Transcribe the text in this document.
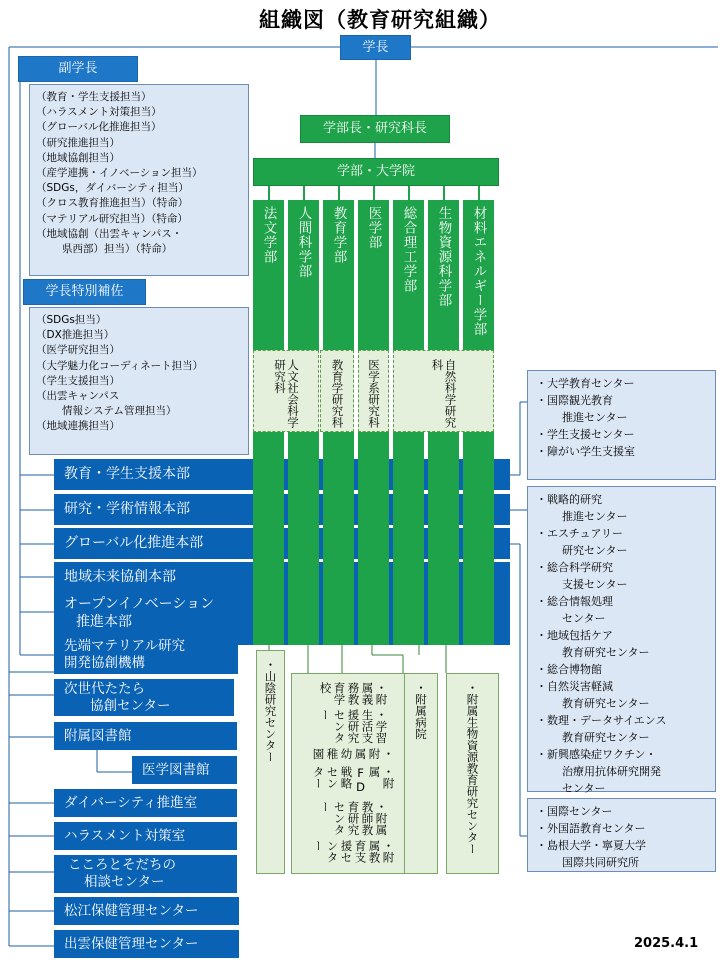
組織図（教育研究組織）
学長
副学長
（教育・学生支援担当）
（ハラスメント対策担当）
（グローバル化推進担当）
（研究推進担当）
（地域協創担当）
（産学連携・イノベーション担当）
（SDGs，ダイバーシティ担当）
（クロス教育推進担当）（特命）
（マテリアル研究担当）（特命）
（地域協創（出雲キャンパス・
県西部）担当）（特命）
学長特別補佐
（SDGs担当）
（DX推進担当）
（医学研究担当）
（大学魅力化コーディネート担当）
（学生支援担当）
（出雲キャンパス
情報システム管理担当）
（地域連携担当）
学部長・研究科長
学部・大学院
法文学部	人間科学部	教育学部	医学部	総合理工学部	生物資源科学部	材料エネルギー学部
人文社会科学研究科	教育学研究科	医学系研究科	自然科学研究科
教育・学生支援本部
研究・学術情報本部
グローバル化推進本部
地域未来協創本部
オープンイノベーション
推進本部
先端マテリアル研究
開発協創機構
次世代たたら
協創センター
附属図書館
医学図書館
ダイバーシティ推進室
ハラスメント対策室
こころとそだちの
相談センター
松江保健管理センター
出雲保健管理センター
・山陰研究センター	・附属義務教育学校
・学習生活支援研究センター
・附属幼稚園
・附属FD戦略センター
・附属教師教育研究センター
・附属教育支援センター
・附属病院	・附属生物資源教育研究センター
・大学教育センター
・国際観光教育
推進センター
・学生支援センター
・障がい学生支援室
・戦略的研究
推進センター
・エスチュアリー
研究センター
・総合科学研究
支援センター
・総合情報処理
センター
・地域包括ケア
教育研究センター
・総合博物館
・自然災害軽減
教育研究センター
・数理・データサイエンス
教育研究センター
・新興感染症ワクチン・
治療用抗体研究開発
センター
・国際センター
・外国語教育センター
・島根大学・寧夏大学
国際共同研究所
2025.4.1
